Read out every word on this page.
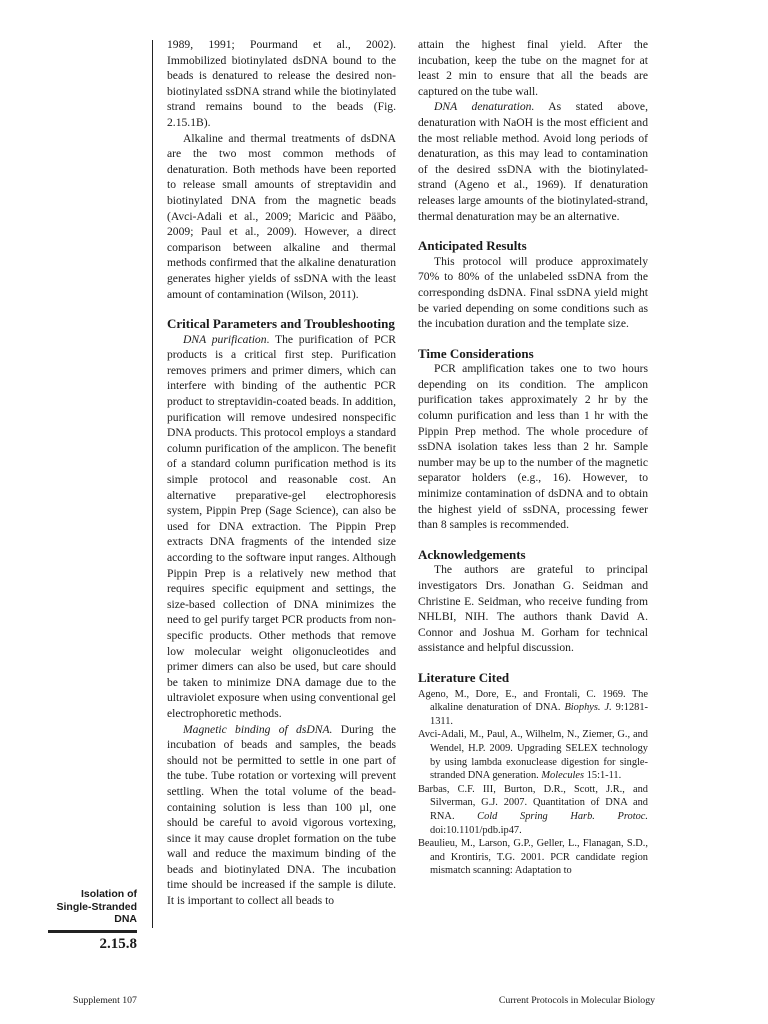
1989, 1991; Pourmand et al., 2002). Immobilized biotinylated dsDNA bound to the beads is denatured to release the desired non-biotinylated ssDNA strand while the biotinylated strand remains bound to the beads (Fig. 2.15.1B).

Alkaline and thermal treatments of dsDNA are the two most common methods of denaturation. Both methods have been reported to release small amounts of streptavidin and biotinylated DNA from the magnetic beads (Avci-Adali et al., 2009; Maricic and Pääbo, 2009; Paul et al., 2009). However, a direct comparison between alkaline and thermal methods confirmed that the alkaline denaturation generates higher yields of ssDNA with the least amount of contamination (Wilson, 2011).

Critical Parameters and Troubleshooting

DNA purification. The purification of PCR products is a critical first step. Purification removes primers and primer dimers, which can interfere with binding of the authentic PCR product to streptavidin-coated beads. In addition, purification will remove undesired nonspecific DNA products. This protocol employs a standard column purification of the amplicon. The benefit of a standard column purification method is its simple protocol and reasonable cost. An alternative preparative-gel electrophoresis system, Pippin Prep (Sage Science), can also be used for DNA extraction. The Pippin Prep extracts DNA fragments of the intended size according to the software input ranges. Although Pippin Prep is a relatively new method that requires specific equipment and settings, the size-based collection of DNA minimizes the need to gel purify target PCR products from non-specific products. Other methods that remove low molecular weight oligonucleotides and primer dimers can also be used, but care should be taken to minimize DNA damage due to the ultraviolet exposure when using conventional gel electrophoretic methods.

Magnetic binding of dsDNA. During the incubation of beads and samples, the beads should not be permitted to settle in one part of the tube. Tube rotation or vortexing will prevent settling. When the total volume of the bead-containing solution is less than 100 µl, one should be careful to avoid vigorous vortexing, since it may cause droplet formation on the tube wall and reduce the maximum binding of the beads and biotinylated DNA. The incubation time should be increased if the sample is dilute. It is important to collect all beads to

attain the highest final yield. After the incubation, keep the tube on the magnet for at least 2 min to ensure that all the beads are captured on the tube wall.

DNA denaturation. As stated above, denaturation with NaOH is the most efficient and the most reliable method. Avoid long periods of denaturation, as this may lead to contamination of the desired ssDNA with the biotinylated-strand (Ageno et al., 1969). If denaturation releases large amounts of the biotinylated-strand, thermal denaturation may be an alternative.

Anticipated Results

This protocol will produce approximately 70% to 80% of the unlabeled ssDNA from the corresponding dsDNA. Final ssDNA yield might be varied depending on some conditions such as the incubation duration and the template size.

Time Considerations

PCR amplification takes one to two hours depending on its condition. The amplicon purification takes approximately 2 hr by the column purification and less than 1 hr with the Pippin Prep method. The whole procedure of ssDNA isolation takes less than 2 hr. Sample number may be up to the number of the magnetic separator holders (e.g., 16). However, to minimize contamination of dsDNA and to obtain the highest yield of ssDNA, processing fewer than 8 samples is recommended.

Acknowledgements

The authors are grateful to principal investigators Drs. Jonathan G. Seidman and Christine E. Seidman, who receive funding from NHLBI, NIH. The authors thank David A. Connor and Joshua M. Gorham for technical assistance and helpful discussion.

Literature Cited

Ageno, M., Dore, E., and Frontali, C. 1969. The alkaline denaturation of DNA. Biophys. J. 9:1281-1311.

Avci-Adali, M., Paul, A., Wilhelm, N., Ziemer, G., and Wendel, H.P. 2009. Upgrading SELEX technology by using lambda exonuclease digestion for single-stranded DNA generation. Molecules 15:1-11.

Barbas, C.F. III, Burton, D.R., Scott, J.R., and Silverman, G.J. 2007. Quantitation of DNA and RNA. Cold Spring Harb. Protoc. doi:10.1101/pdb.ip47.

Beaulieu, M., Larson, G.P., Geller, L., Flanagan, S.D., and Krontiris, T.G. 2001. PCR candidate region mismatch scanning: Adaptation to

Isolation of
Single-Stranded
DNA
2.15.8
Supplement 107	Current Protocols in Molecular Biology
